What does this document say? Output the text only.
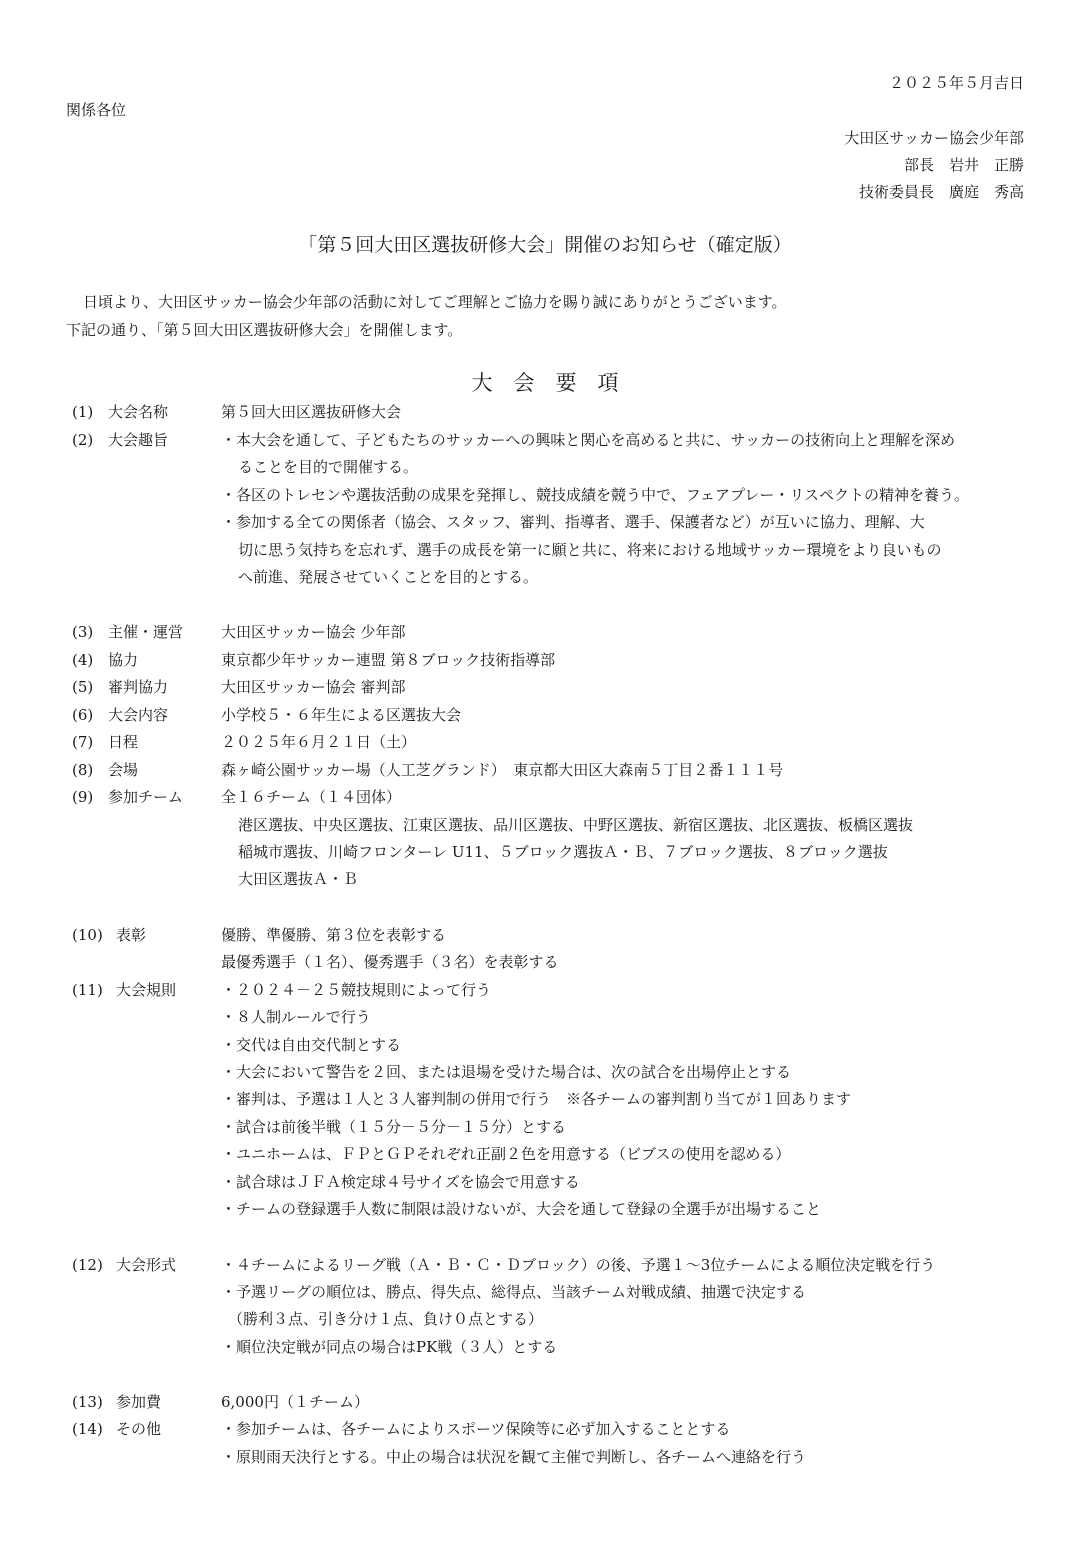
２０２５年５月吉日
関係各位
大田区サッカー協会少年部
部長　岩井　正勝
技術委員長　廣庭　秀高
「第５回大田区選抜研修大会」開催のお知らせ（確定版）
日頃より、大田区サッカー協会少年部の活動に対してご理解とご協力を賜り誠にありがとうございます。
下記の通り、「第５回大田区選抜研修大会」を開催します。
大　会　要　項
(1) 大会名称	第５回大田区選抜研修大会
(2) 大会趣旨	・本大会を通して、子どもたちのサッカーへの興味と関心を高めると共に、サッカーの技術向上と理解を深め
ることを目的で開催する。
・各区のトレセンや選抜活動の成果を発揮し、競技成績を競う中で、フェアプレー・リスペクトの精神を養う。
・参加する全ての関係者（協会、スタッフ、審判、指導者、選手、保護者など）が互いに協力、理解、大
切に思う気持ちを忘れず、選手の成長を第一に願と共に、将来における地域サッカー環境をより良いもの
へ前進、発展させていくことを目的とする。
(3) 主催・運営	大田区サッカー協会 少年部
(4) 協力	東京都少年サッカー連盟 第８ブロック技術指導部
(5) 審判協力	大田区サッカー協会 審判部
(6) 大会内容	小学校５・６年生による区選抜大会
(7) 日程	２０２５年６月２１日（土）
(8) 会場	森ヶ崎公園サッカー場（人工芝グランド）　東京都大田区大森南５丁目２番１１１号
(9) 参加チーム	全１６チーム（１４団体）
港区選抜、中央区選抜、江東区選抜、品川区選抜、中野区選抜、新宿区選抜、北区選抜、板橋区選抜
稲城市選抜、川崎フロンターレ U11、５ブロック選抜Ａ・Ｂ、７ブロック選抜、８ブロック選抜
大田区選抜Ａ・Ｂ
(10) 表彰	優勝、準優勝、第３位を表彰する
最優秀選手（１名）、優秀選手（３名）を表彰する
(11) 大会規則	・２０２４－２５競技規則によって行う
・８人制ルールで行う
・交代は自由交代制とする
・大会において警告を２回、または退場を受けた場合は、次の試合を出場停止とする
・審判は、予選は１人と３人審判制の併用で行う　※各チームの審判割り当てが１回あります
・試合は前後半戦（１５分－５分－１５分）とする
・ユニホームは、ＦＰとＧＰそれぞれ正副２色を用意する（ビブスの使用を認める）
・試合球はＪＦＡ検定球４号サイズを協会で用意する
・チームの登録選手人数に制限は設けないが、大会を通して登録の全選手が出場すること
(12) 大会形式	・４チームによるリーグ戦（Ａ・Ｂ・Ｃ・Ｄブロック）の後、予選１～3位チームによる順位決定戦を行う
・予選リーグの順位は、勝点、得失点、総得点、当該チーム対戦成績、抽選で決定する
（勝利３点、引き分け１点、負け０点とする）
・順位決定戦が同点の場合はPK戦（３人）とする
(13) 参加費	6,000円（１チーム）
(14) その他	・参加チームは、各チームによりスポーツ保険等に必ず加入することとする
・原則雨天決行とする。中止の場合は状況を観て主催で判断し、各チームへ連絡を行う
